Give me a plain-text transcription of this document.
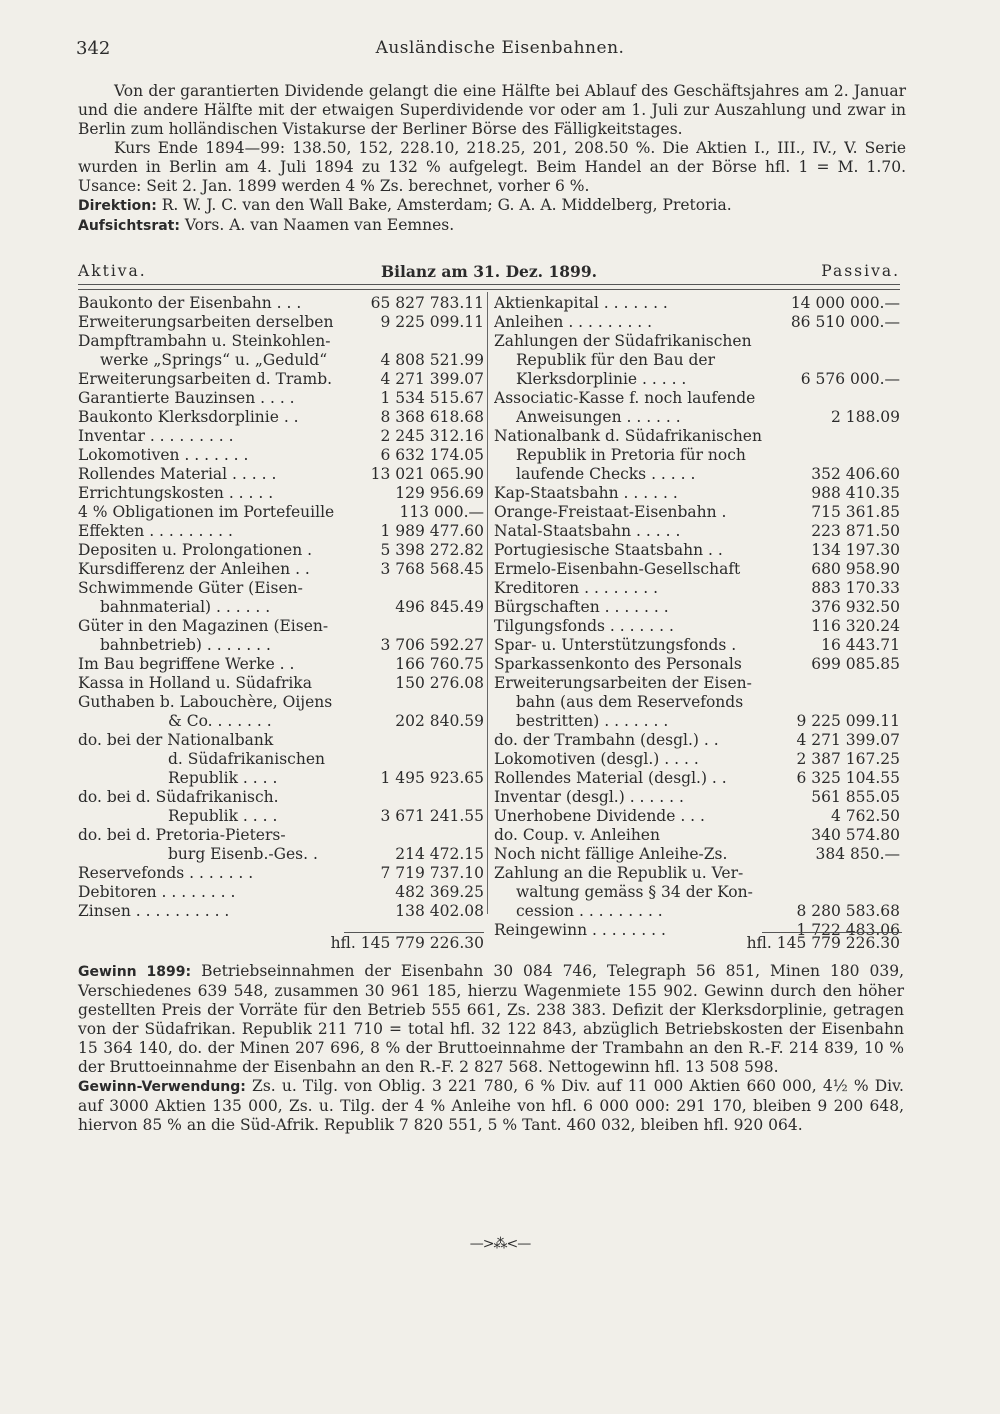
342	Ausländische Eisenbahnen.

Von der garantierten Dividende gelangt die eine Hälfte bei Ablauf des Geschäftsjahres am 2. Januar und die andere Hälfte mit der etwaigen Superdividende vor oder am 1. Juli zur Auszahlung und zwar in Berlin zum holländischen Vistakurse der Berliner Börse des Fälligkeitstages.

Kurs Ende 1894—99: 138.50, 152, 228.10, 218.25, 201, 208.50 %. Die Aktien I., III., IV., V. Serie wurden in Berlin am 4. Juli 1894 zu 132 % aufgelegt. Beim Handel an der Börse hfl. 1 = M. 1.70. Usance: Seit 2. Jan. 1899 werden 4 % Zs. berechnet, vorher 6 %.

Direktion: R. W. J. C. van den Wall Bake, Amsterdam; G. A. A. Middelberg, Pretoria.

Aufsichtsrat: Vors. A. van Naamen van Eemnes.

Aktiva.	Bilanz am 31. Dez. 1899.	Passiva.
Baukonto der Eisenbahn . . .	65 827 783.11
Erweiterungsarbeiten derselben	9 225 099.11
Dampftrambahn u. Steinkohlen-
werke „Springs“ u. „Geduld“	4 808 521.99
Erweiterungsarbeiten d. Tramb.	4 271 399.07
Garantierte Bauzinsen . . . .	1 534 515.67
Baukonto Klerksdorplinie . .	8 368 618.68
Inventar . . . . . . . . .	2 245 312.16
Lokomotiven . . . . . . .	6 632 174.05
Rollendes Material . . . . .	13 021 065.90
Errichtungskosten . . . . .	129 956.69
4 % Obligationen im Portefeuille	113 000.—
Effekten . . . . . . . . .	1 989 477.60
Depositen u. Prolongationen .	5 398 272.82
Kursdifferenz der Anleihen . .	3 768 568.45
Schwimmende Güter (Eisen-
bahnmaterial) . . . . . .	496 845.49
Güter in den Magazinen (Eisen-
bahnbetrieb) . . . . . . .	3 706 592.27
Im Bau begriffene Werke . .	166 760.75
Kassa in Holland u. Südafrika	150 276.08
Guthaben b. Labouchère, Oijens
& Co. . . . . . .	202 840.59
do. bei der Nationalbank
d. Südafrikanischen
Republik . . . .	1 495 923.65
do. bei d. Südafrikanisch.
Republik . . . .	3 671 241.55
do. bei d. Pretoria-Pieters-
burg Eisenb.-Ges. .	214 472.15
Reservefonds . . . . . . .	7 719 737.10
Debitoren . . . . . . . .	482 369.25
Zinsen . . . . . . . . . .	138 402.08
Aktienkapital . . . . . . .	14 000 000.—
Anleihen . . . . . . . . .	86 510 000.—
Zahlungen der Südafrikanischen
Republik für den Bau der
Klerksdorplinie . . . . .	6 576 000.—
Associatic-Kasse f. noch laufende
Anweisungen . . . . . .	2 188.09
Nationalbank d. Südafrikanischen
Republik in Pretoria für noch
laufende Checks . . . . .	352 406.60
Kap-Staatsbahn . . . . . .	988 410.35
Orange-Freistaat-Eisenbahn .	715 361.85
Natal-Staatsbahn . . . . .	223 871.50
Portugiesische Staatsbahn . .	134 197.30
Ermelo-Eisenbahn-Gesellschaft	680 958.90
Kreditoren . . . . . . . .	883 170.33
Bürgschaften . . . . . . .	376 932.50
Tilgungsfonds . . . . . . .	116 320.24
Spar- u. Unterstützungsfonds .	16 443.71
Sparkassenkonto des Personals	699 085.85
Erweiterungsarbeiten der Eisen-
bahn (aus dem Reservefonds
bestritten) . . . . . . .	9 225 099.11
do. der Trambahn (desgl.) . .	4 271 399.07
Lokomotiven (desgl.) . . . .	2 387 167.25
Rollendes Material (desgl.) . .	6 325 104.55
Inventar (desgl.) . . . . . .	561 855.05
Unerhobene Dividende . . .	4 762.50
do. Coup. v. Anleihen	340 574.80
Noch nicht fällige Anleihe-Zs.	384 850.—
Zahlung an die Republik u. Ver-
waltung gemäss § 34 der Kon-
cession . . . . . . . . .	8 280 583.68
Reingewinn . . . . . . . .	1 722 483.06
hfl. 145 779 226.30	hfl. 145 779 226.30

Gewinn 1899: Betriebseinnahmen der Eisenbahn 30 084 746, Telegraph 56 851, Minen 180 039, Verschiedenes 639 548, zusammen 30 961 185, hierzu Wagenmiete 155 902. Gewinn durch den höher gestellten Preis der Vorräte für den Betrieb 555 661, Zs. 238 383. Defizit der Klerksdorplinie, getragen von der Südafrikan. Republik 211 710 = total hfl. 32 122 843, abzüglich Betriebskosten der Eisenbahn 15 364 140, do. der Minen 207 696, 8 % der Bruttoeinnahme der Trambahn an den R.-F. 214 839, 10 % der Bruttoeinnahme der Eisenbahn an den R.-F. 2 827 568. Nettogewinn hfl. 13 508 598.

Gewinn-Verwendung: Zs. u. Tilg. von Oblig. 3 221 780, 6 % Div. auf 11 000 Aktien 660 000, 4½ % Div. auf 3000 Aktien 135 000, Zs. u. Tilg. der 4 % Anleihe von hfl. 6 000 000: 291 170, bleiben 9 200 648, hiervon 85 % an die Süd-Afrik. Republik 7 820 551, 5 % Tant. 460 032, bleiben hfl. 920 064.

—>⁂<—
